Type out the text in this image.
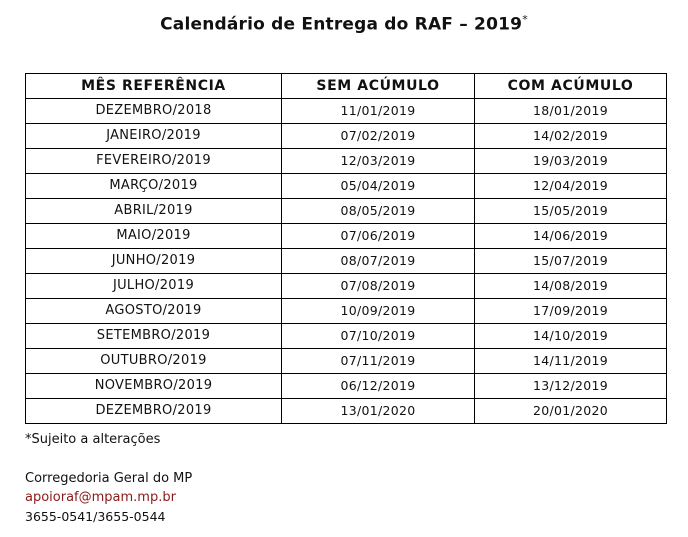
Calendário de Entrega do RAF – 2019*
MÊS REFERÊNCIA	SEM ACÚMULO	COM ACÚMULO
DEZEMBRO/2018	11/01/2019	18/01/2019
JANEIRO/2019	07/02/2019	14/02/2019
FEVEREIRO/2019	12/03/2019	19/03/2019
MARÇO/2019	05/04/2019	12/04/2019
ABRIL/2019	08/05/2019	15/05/2019
MAIO/2019	07/06/2019	14/06/2019
JUNHO/2019	08/07/2019	15/07/2019
JULHO/2019	07/08/2019	14/08/2019
AGOSTO/2019	10/09/2019	17/09/2019
SETEMBRO/2019	07/10/2019	14/10/2019
OUTUBRO/2019	07/11/2019	14/11/2019
NOVEMBRO/2019	06/12/2019	13/12/2019
DEZEMBRO/2019	13/01/2020	20/01/2020
*Sujeito a alterações
Corregedoria Geral do MP
apoioraf@mpam.mp.br
3655-0541/3655-0544
